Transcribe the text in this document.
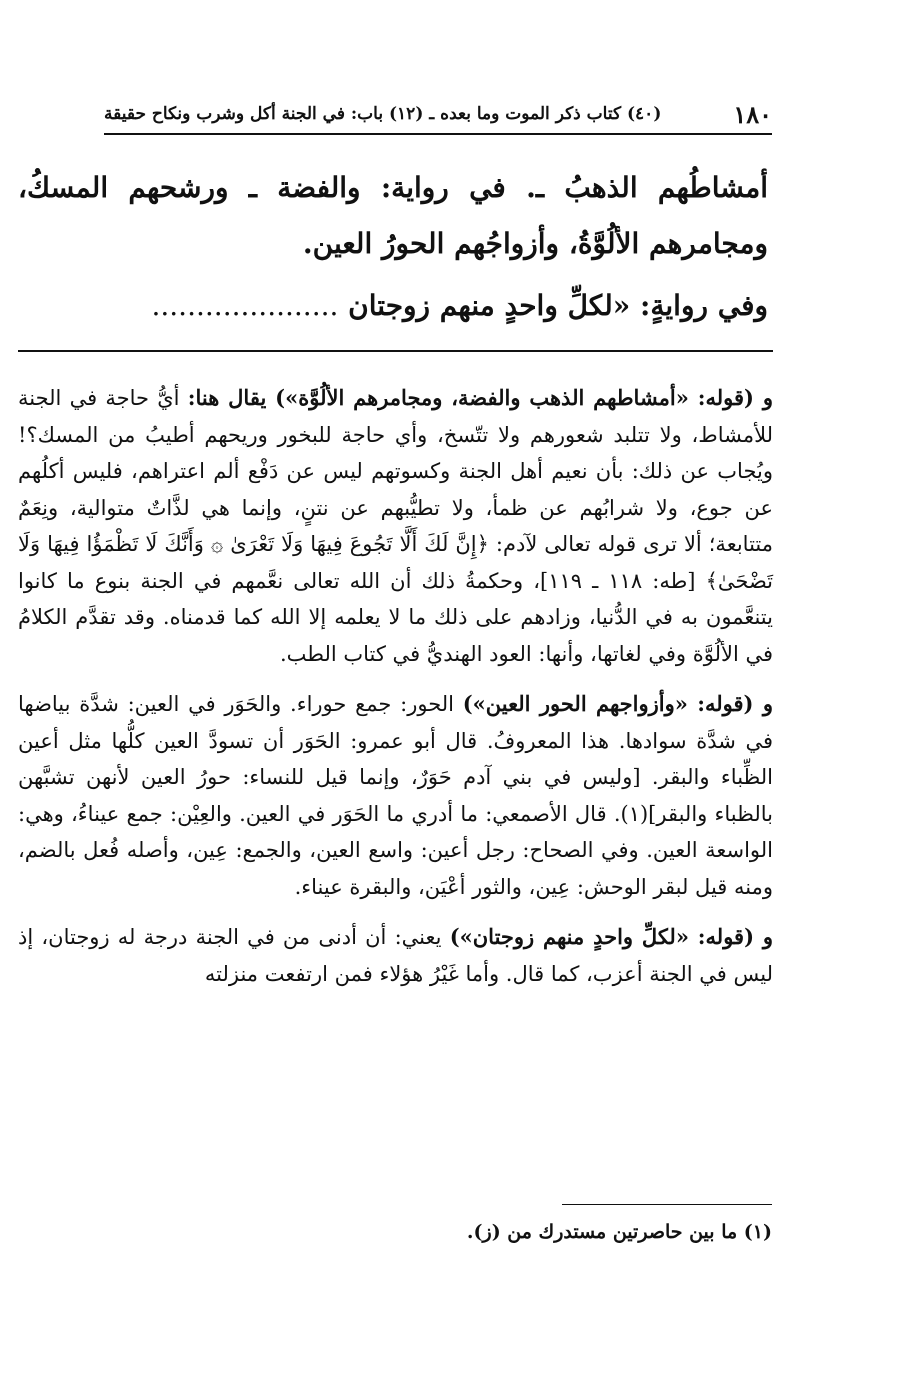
١٨٠
(٤٠) كتاب ذكر الموت وما بعده ـ (١٢) باب: في الجنة أكل وشرب ونكاح حقيقة

أمشاطُهم الذهبُ ـ. في رواية: والفضة ـ ورشحهم المسكُ، ومجامرهم الألُوَّةُ، وأزواجُهم الحورُ العين.

وفي روايةٍ: «لكلِّ واحدٍ منهم زوجتان .....................

و (قوله: «أمشاطهم الذهب والفضة، ومجامرهم الألُوَّة») يقال هنا: أيُّ حاجة في الجنة للأمشاط، ولا تتلبد شعورهم ولا تتّسخ، وأي حاجة للبخور وريحهم أطيبُ من المسك؟! ويُجاب عن ذلك: بأن نعيم أهل الجنة وكسوتهم ليس عن دَفْع ألم اعتراهم، فليس أكلُهم عن جوع، ولا شرابُهم عن ظمأ، ولا تطيُّبهم عن نتنٍ، وإنما هي لذَّاتٌ متوالية، ونِعَمٌ متتابعة؛ ألا ترى قوله تعالى لآدم: ﴿إِنَّ لَكَ أَلَّا تَجُوعَ فِيهَا وَلَا تَعْرَىٰ ۞ وَأَنَّكَ لَا تَظْمَؤُا فِيهَا وَلَا تَضْحَىٰ﴾ [طه: ١١٨ ـ ١١٩]، وحكمةُ ذلك أن الله تعالى نعَّمهم في الجنة بنوع ما كانوا يتنعَّمون به في الدُّنيا، وزادهم على ذلك ما لا يعلمه إلا الله كما قدمناه. وقد تقدَّم الكلامُ في الألُوَّة وفي لغاتها، وأنها: العود الهنديُّ في كتاب الطب.

و (قوله: «وأزواجهم الحور العين») الحور: جمع حوراء. والحَوَر في العين: شدَّة بياضها في شدَّة سوادها. هذا المعروفُ. قال أبو عمرو: الحَوَر أن تسودَّ العين كلُّها مثل أعين الظِّباء والبقر. [وليس في بني آدم حَوَرٌ، وإنما قيل للنساء: حورُ العين لأنهن تشبَّهن بالظباء والبقر](١). قال الأصمعي: ما أدري ما الحَوَر في العين. والعِيْن: جمع عيناءُ، وهي: الواسعة العين. وفي الصحاح: رجل أعين: واسع العين، والجمع: عِين، وأصله فُعل بالضم، ومنه قيل لبقر الوحش: عِين، والثور أعْيَن، والبقرة عيناء.

و (قوله: «لكلِّ واحدٍ منهم زوجتان») يعني: أن أدنى من في الجنة درجة له زوجتان، إذ ليس في الجنة أعزب، كما قال. وأما غَيْرُ هؤلاء فمن ارتفعت منزلته

(١) ما بين حاصرتين مستدرك من (ز).
